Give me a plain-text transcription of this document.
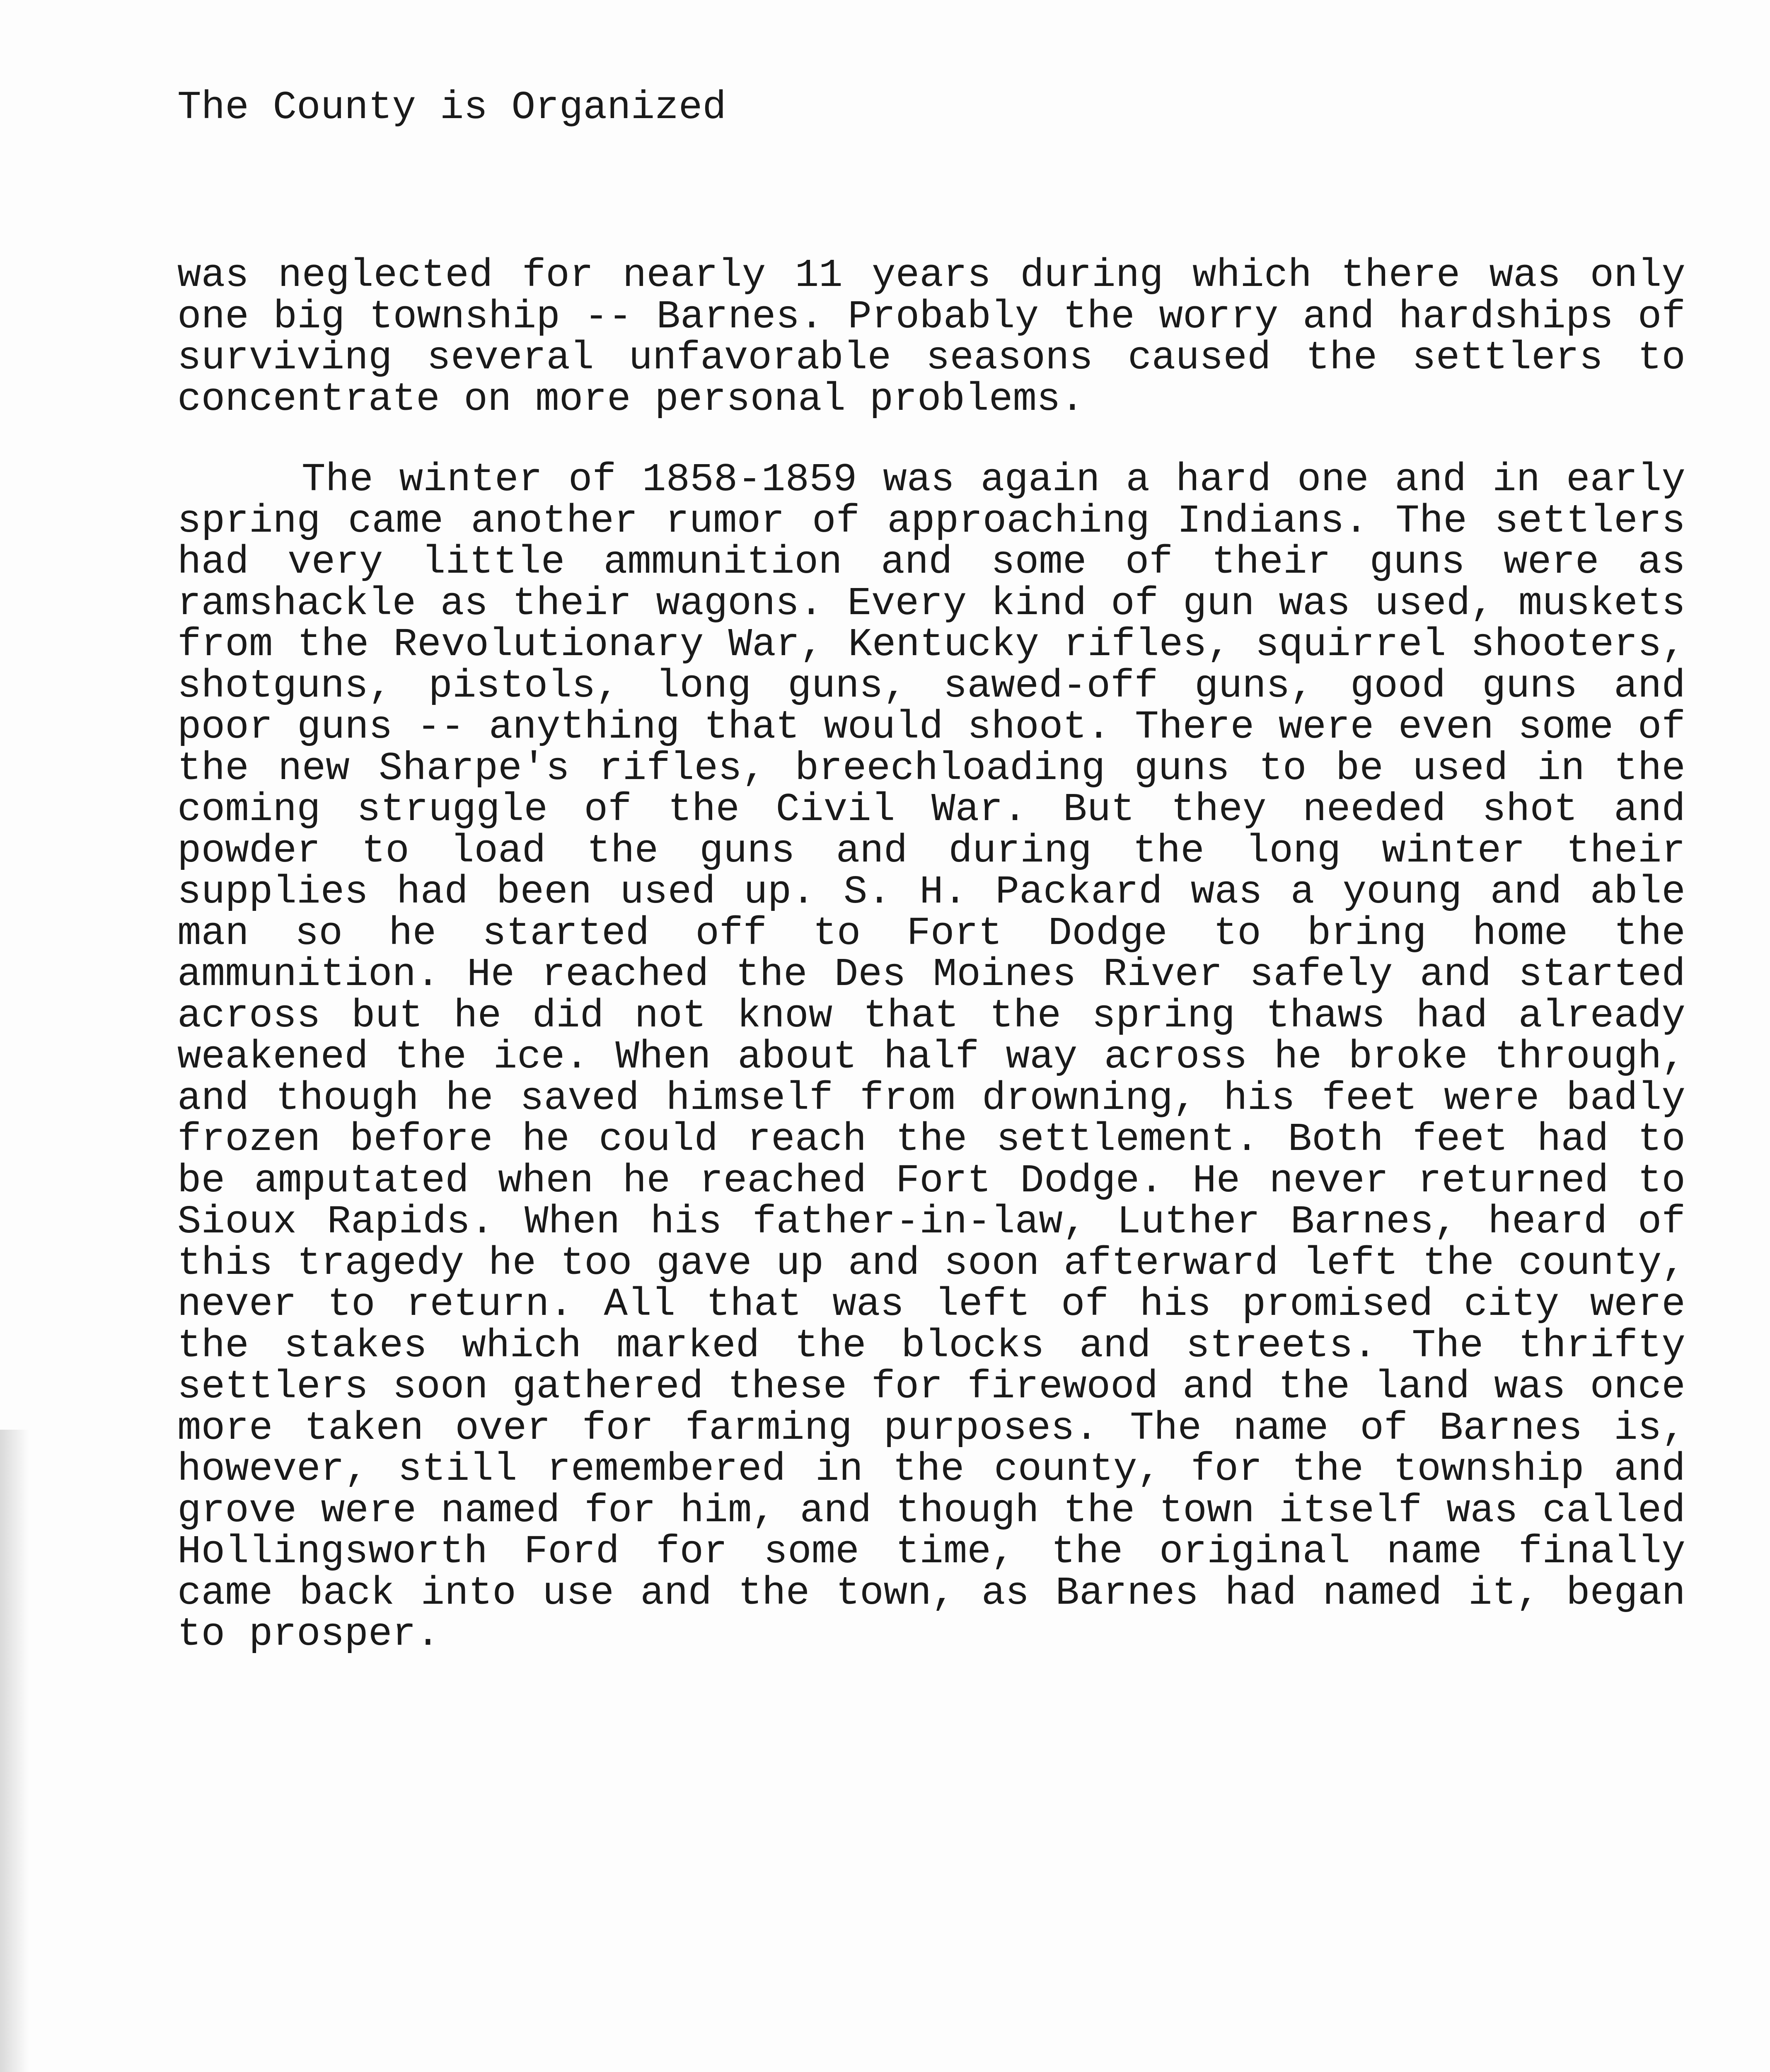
The County is Organized

was neglected for nearly 11 years during which there was only one big township -- Barnes. Probably the worry and hardships of surviving several unfavorable seasons caused the settlers to concentrate on more personal problems.

The winter of 1858-1859 was again a hard one and in early spring came another rumor of approaching Indians. The settlers had very little ammunition and some of their guns were as ramshackle as their wagons. Every kind of gun was used, muskets from the Revolutionary War, Kentucky rifles, squirrel shooters, shotguns, pistols, long guns, sawed-off guns, good guns and poor guns -- anything that would shoot. There were even some of the new Sharpe's rifles, breechloading guns to be used in the coming struggle of the Civil War. But they needed shot and powder to load the guns and during the long winter their supplies had been used up. S. H. Packard was a young and able man so he started off to Fort Dodge to bring home the ammunition. He reached the Des Moines River safely and started across but he did not know that the spring thaws had already weakened the ice. When about half way across he broke through, and though he saved himself from drowning, his feet were badly frozen before he could reach the settlement. Both feet had to be amputated when he reached Fort Dodge. He never returned to Sioux Rapids. When his father-in-law, Luther Barnes, heard of this tragedy he too gave up and soon afterward left the county, never to return. All that was left of his promised city were the stakes which marked the blocks and streets. The thrifty settlers soon gathered these for firewood and the land was once more taken over for farming purposes. The name of Barnes is, however, still remembered in the county, for the township and grove were named for him, and though the town itself was called Hollingsworth Ford for some time, the original name finally came back into use and the town, as Barnes had named it, began to prosper.
